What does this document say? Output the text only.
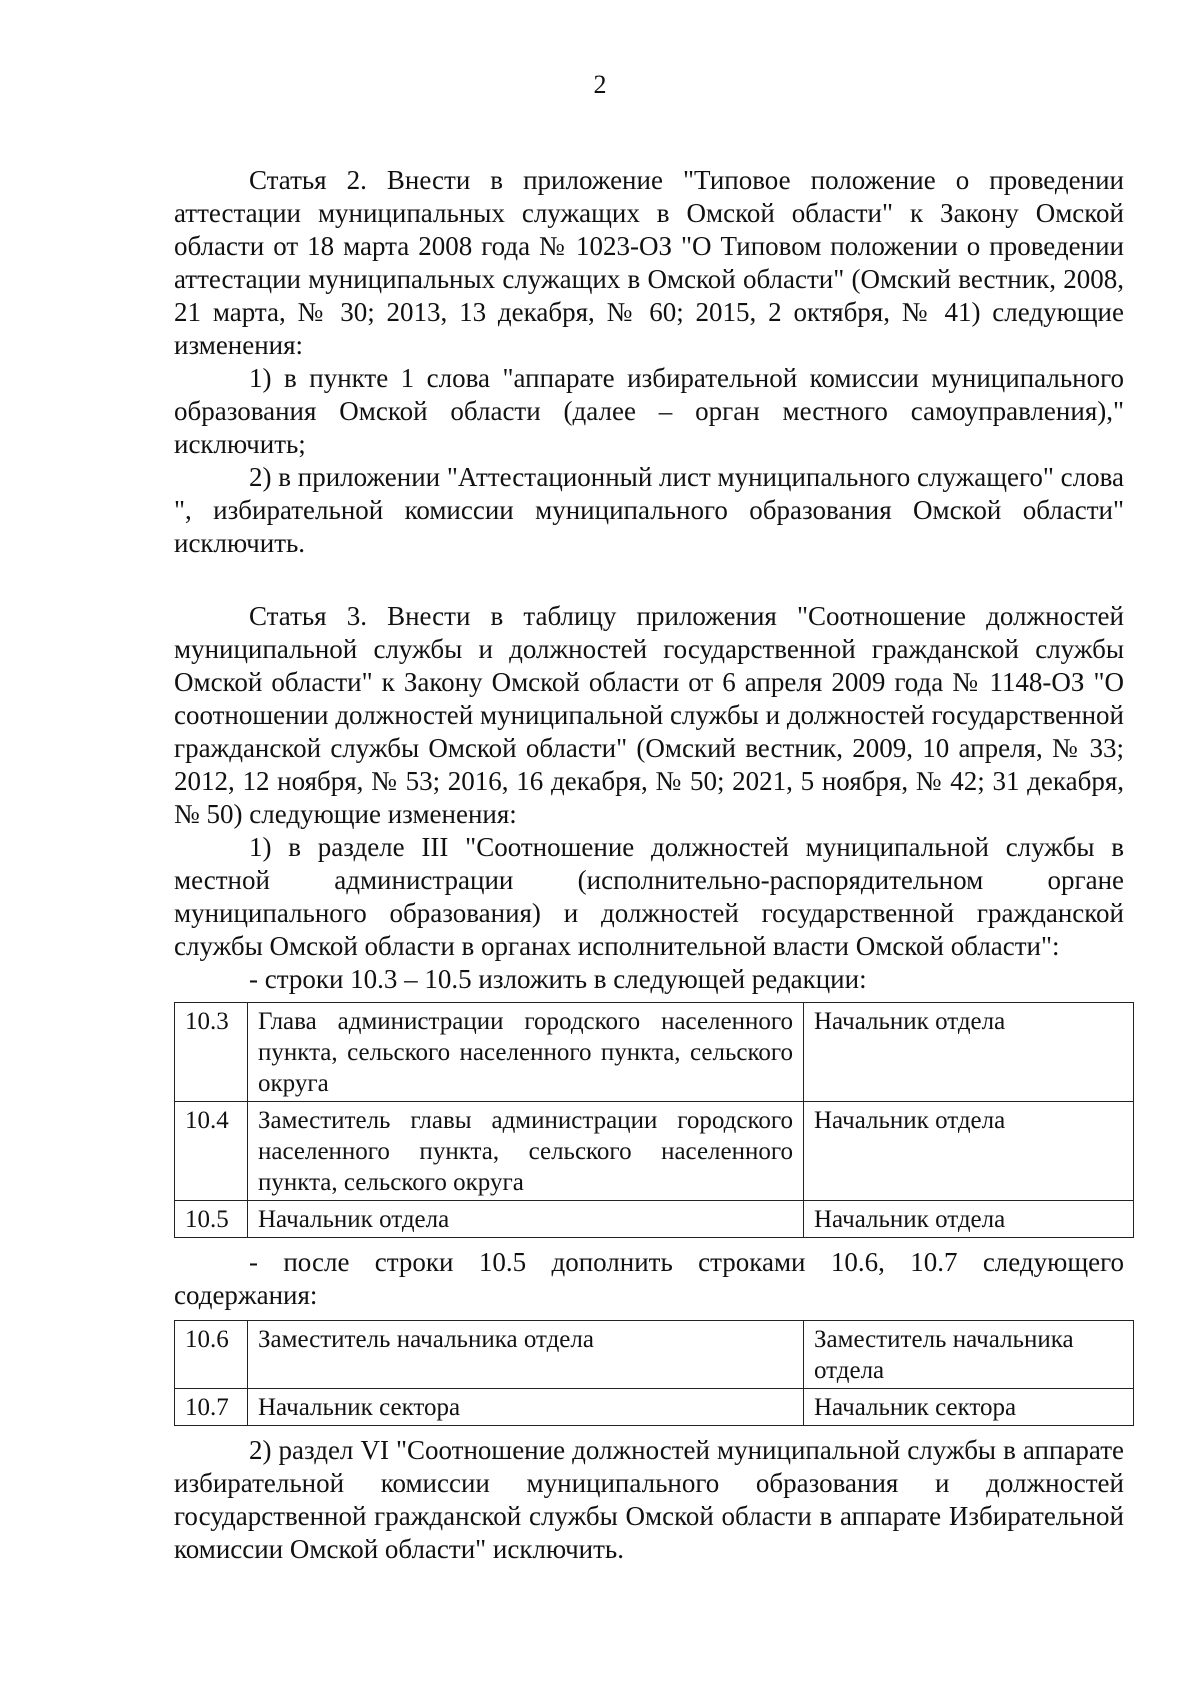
2

Статья 2. Внести в приложение "Типовое положение о проведении аттестации муниципальных служащих в Омской области" к Закону Омской области от 18 марта 2008 года № 1023-ОЗ "О Типовом положении о проведении аттестации муниципальных служащих в Омской области" (Омский вестник, 2008, 21 марта, № 30; 2013, 13 декабря, № 60; 2015, 2 октября, № 41) следующие изменения:

1) в пункте 1 слова "аппарате избирательной комиссии муниципального образования Омской области (далее – орган местного самоуправления)," исключить;

2) в приложении "Аттестационный лист муниципального служащего" слова ", избирательной комиссии муниципального образования Омской области" исключить.

Статья 3. Внести в таблицу приложения "Соотношение должностей муниципальной службы и должностей государственной гражданской службы Омской области" к Закону Омской области от 6 апреля 2009 года № 1148-ОЗ "О соотношении должностей муниципальной службы и должностей государственной гражданской службы Омской области" (Омский вестник, 2009, 10 апреля, № 33; 2012, 12 ноября, № 53; 2016, 16 декабря, № 50; 2021, 5 ноября, № 42; 31 декабря, № 50) следующие изменения:

1) в разделе III "Соотношение должностей муниципальной службы в местной администрации (исполнительно-распорядительном органе муниципального образования) и должностей государственной гражданской службы Омской области в органах исполнительной власти Омской области":

- строки 10.3 – 10.5 изложить в следующей редакции:

10.3	Глава администрации городского населенного пункта, сельского населенного пункта, сельского округа	Начальник отдела
10.4	Заместитель главы администрации городского населенного пункта, сельского населенного пункта, сельского округа	Начальник отдела
10.5	Начальник отдела	Начальник отдела
- после строки 10.5 дополнить строками 10.6, 10.7 следующего содержания:
10.6	Заместитель начальника отдела	Заместитель начальника отдела
10.7	Начальник сектора	Начальник сектора

2) раздел VI "Соотношение должностей муниципальной службы в аппарате избирательной комиссии муниципального образования и должностей государственной гражданской службы Омской области в аппарате Избирательной комиссии Омской области" исключить.
